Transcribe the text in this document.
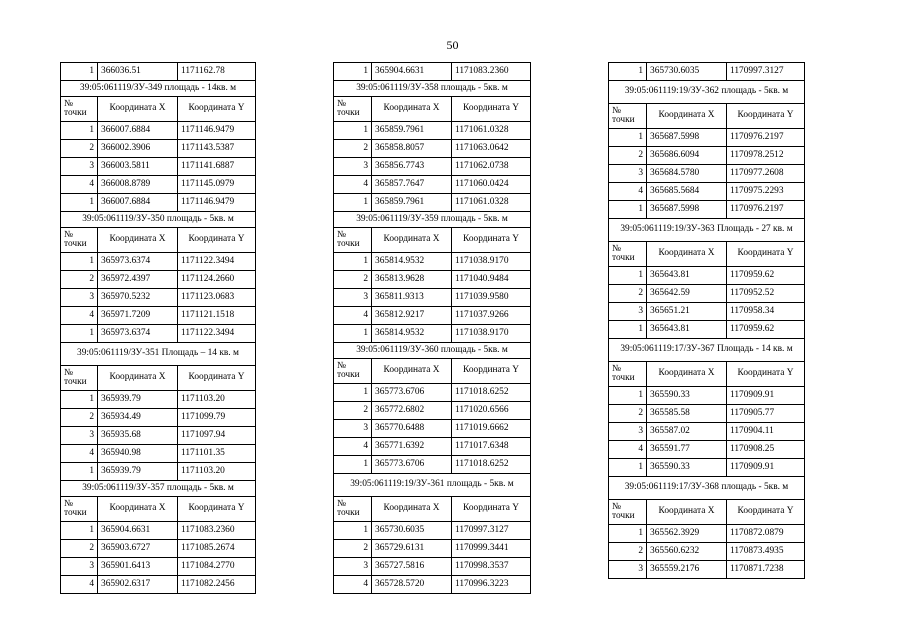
50
1	366036.51	1171162.78
39:05:061119/ЗУ-349 площадь - 14кв. м		
№
точки	Координата X	Координата Y
1	366007.6884	1171146.9479
2	366002.3906	1171143.5387
3	366003.5811	1171141.6887
4	366008.8789	1171145.0979
1	366007.6884	1171146.9479
39:05:061119/ЗУ-350 площадь - 5кв. м		
№
точки	Координата X	Координата Y
1	365973.6374	1171122.3494
2	365972.4397	1171124.2660
3	365970.5232	1171123.0683
4	365971.7209	1171121.1518
1	365973.6374	1171122.3494
39:05:061119/ЗУ-351 Площадь – 14 кв. м		
№
точки	Координата X	Координата Y
1	365939.79	1171103.20
2	365934.49	1171099.79
3	365935.68	1171097.94
4	365940.98	1171101.35
1	365939.79	1171103.20
39:05:061119/ЗУ-357 площадь - 5кв. м		
№
точки	Координата X	Координата Y
1	365904.6631	1171083.2360
2	365903.6727	1171085.2674
3	365901.6413	1171084.2770
4	365902.6317	1171082.2456
1	365904.6631	1171083.2360
39:05:061119/ЗУ-358 площадь - 5кв. м		
№
точки	Координата X	Координата Y
1	365859.7961	1171061.0328
2	365858.8057	1171063.0642
3	365856.7743	1171062.0738
4	365857.7647	1171060.0424
1	365859.7961	1171061.0328
39:05:061119/ЗУ-359 площадь - 5кв. м		
№
точки	Координата X	Координата Y
1	365814.9532	1171038.9170
2	365813.9628	1171040.9484
3	365811.9313	1171039.9580
4	365812.9217	1171037.9266
1	365814.9532	1171038.9170
39:05:061119/ЗУ-360 площадь - 5кв. м		
№
точки	Координата X	Координата Y
1	365773.6706	1171018.6252
2	365772.6802	1171020.6566
3	365770.6488	1171019.6662
4	365771.6392	1171017.6348
1	365773.6706	1171018.6252
39:05:061119:19/ЗУ-361 площадь - 5кв. м		
№
точки	Координата X	Координата Y
1	365730.6035	1170997.3127
2	365729.6131	1170999.3441
3	365727.5816	1170998.3537
4	365728.5720	1170996.3223
1	365730.6035	1170997.3127
39:05:061119:19/ЗУ-362 площадь - 5кв. м		
№
точки	Координата X	Координата Y
1	365687.5998	1170976.2197
2	365686.6094	1170978.2512
3	365684.5780	1170977.2608
4	365685.5684	1170975.2293
1	365687.5998	1170976.2197
39:05:061119:19/ЗУ-363 Площадь - 27 кв. м		
№
точки	Координата X	Координата Y
1	365643.81	1170959.62
2	365642.59	1170952.52
3	365651.21	1170958.34
1	365643.81	1170959.62
39:05:061119:17/ЗУ-367 Площадь - 14 кв. м		
№
точки	Координата X	Координата Y
1	365590.33	1170909.91
2	365585.58	1170905.77
3	365587.02	1170904.11
4	365591.77	1170908.25
1	365590.33	1170909.91
39:05:061119:17/ЗУ-368 площадь - 5кв. м		
№
точки	Координата X	Координата Y
1	365562.3929	1170872.0879
2	365560.6232	1170873.4935
3	365559.2176	1170871.7238
